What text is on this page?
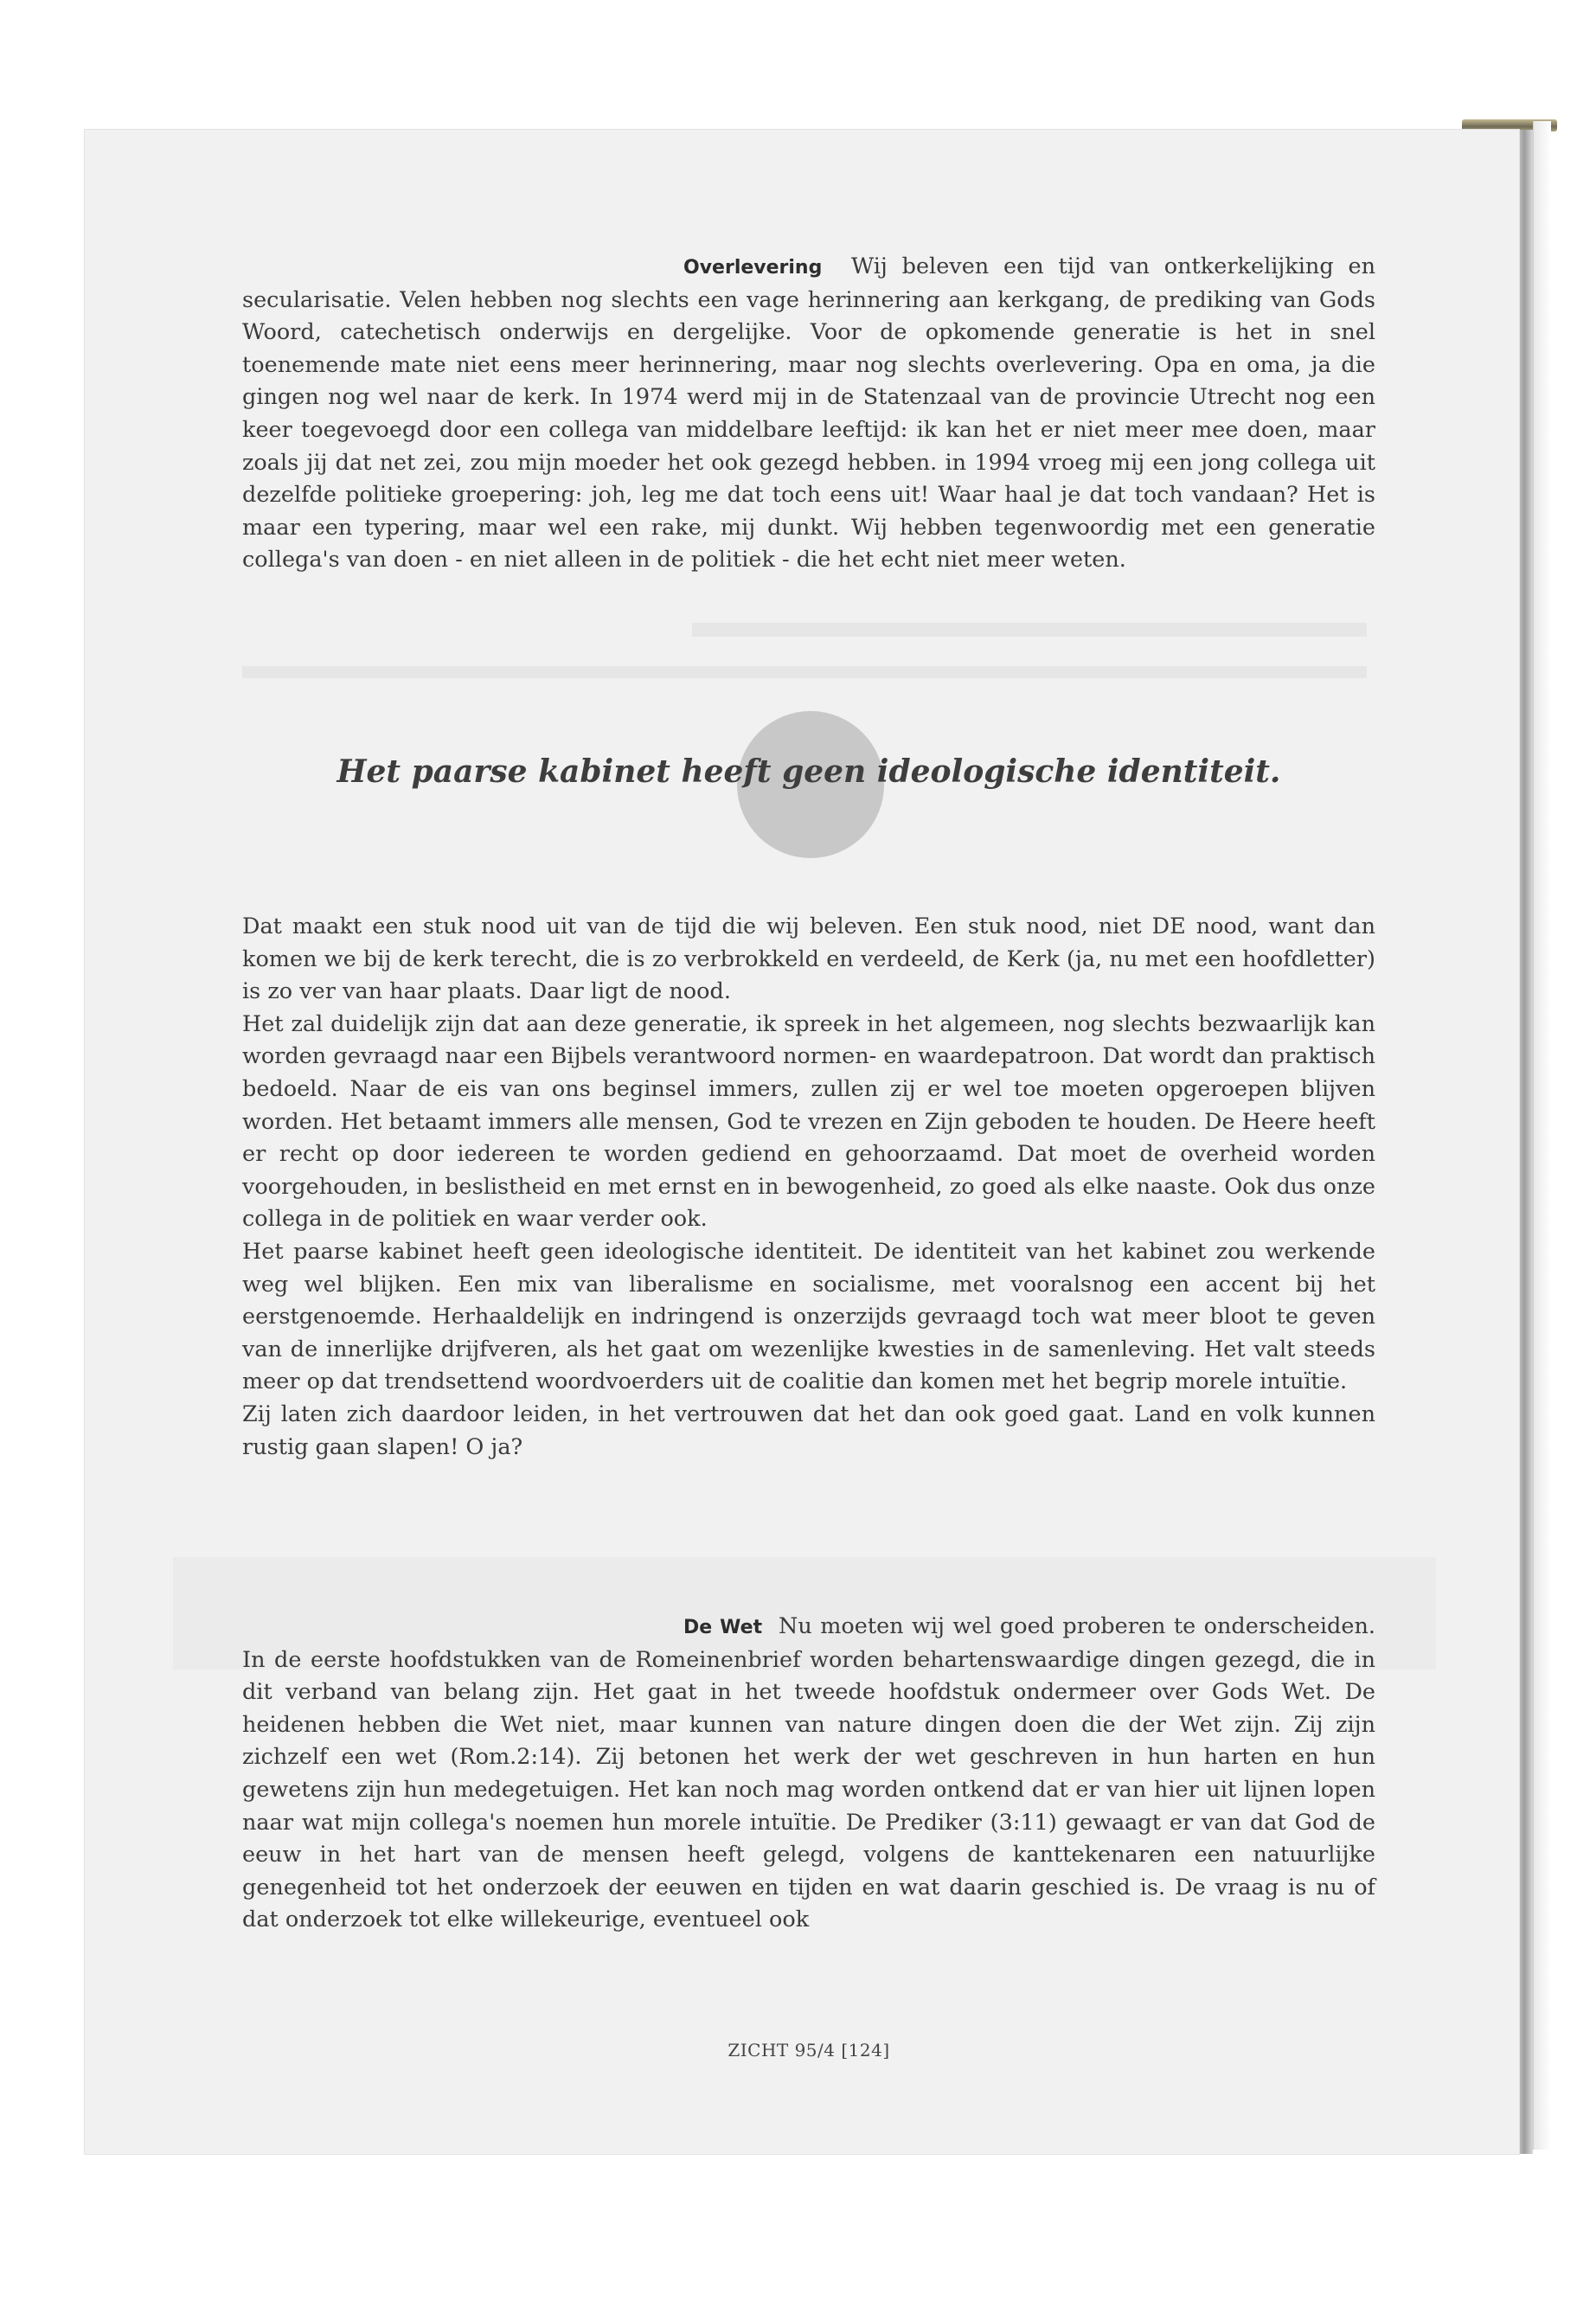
Overlevering Wij beleven een tijd van ontkerkelijking en secularisatie. Velen hebben nog slechts een vage herinnering aan kerkgang, de prediking van Gods Woord, catechetisch onderwijs en dergelijke. Voor de opkomende generatie is het in snel toenemende mate niet eens meer herinnering, maar nog slechts overlevering. Opa en oma, ja die gingen nog wel naar de kerk. In 1974 werd mij in de Statenzaal van de provincie Utrecht nog een keer toegevoegd door een collega van middelbare leeftijd: ik kan het er niet meer mee doen, maar zoals jij dat net zei, zou mijn moeder het ook gezegd hebben. in 1994 vroeg mij een jong collega uit dezelfde politieke groepering: joh, leg me dat toch eens uit! Waar haal je dat toch vandaan? Het is maar een typering, maar wel een rake, mij dunkt. Wij hebben tegenwoordig met een generatie collega's van doen - en niet alleen in de politiek - die het echt niet meer weten.

Het paarse kabinet heeft geen ideologische identiteit.

Dat maakt een stuk nood uit van de tijd die wij beleven. Een stuk nood, niet DE nood, want dan komen we bij de kerk terecht, die is zo verbrokkeld en verdeeld, de Kerk (ja, nu met een hoofdletter) is zo ver van haar plaats. Daar ligt de nood.

Het zal duidelijk zijn dat aan deze generatie, ik spreek in het algemeen, nog slechts bezwaarlijk kan worden gevraagd naar een Bijbels verantwoord normen- en waardepatroon. Dat wordt dan praktisch bedoeld. Naar de eis van ons beginsel immers, zullen zij er wel toe moeten opgeroepen blijven worden. Het betaamt immers alle mensen, God te vrezen en Zijn geboden te houden. De Heere heeft er recht op door iedereen te worden gediend en gehoorzaamd. Dat moet de overheid worden voorgehouden, in beslistheid en met ernst en in bewogenheid, zo goed als elke naaste. Ook dus onze collega in de politiek en waar verder ook.

Het paarse kabinet heeft geen ideologische identiteit. De identiteit van het kabinet zou werkende weg wel blijken. Een mix van liberalisme en socialisme, met vooralsnog een accent bij het eerstgenoemde. Herhaaldelijk en indringend is onzerzijds gevraagd toch wat meer bloot te geven van de innerlijke drijfveren, als het gaat om wezenlijke kwesties in de samenleving. Het valt steeds meer op dat trendsettend woordvoerders uit de coalitie dan komen met het begrip morele intuïtie.

Zij laten zich daardoor leiden, in het vertrouwen dat het dan ook goed gaat. Land en volk kunnen rustig gaan slapen! O ja?

De Wet Nu moeten wij wel goed proberen te onderscheiden. In de eerste hoofdstukken van de Romeinenbrief worden behartenswaardige dingen gezegd, die in dit verband van belang zijn. Het gaat in het tweede hoofdstuk ondermeer over Gods Wet. De heidenen hebben die Wet niet, maar kunnen van nature dingen doen die der Wet zijn. Zij zijn zichzelf een wet (Rom.2:14). Zij betonen het werk der wet geschreven in hun harten en hun gewetens zijn hun medegetuigen. Het kan noch mag worden ontkend dat er van hier uit lijnen lopen naar wat mijn collega's noemen hun morele intuïtie. De Prediker (3:11) gewaagt er van dat God de eeuw in het hart van de mensen heeft gelegd, volgens de kanttekenaren een natuurlijke genegenheid tot het onderzoek der eeuwen en tijden en wat daarin geschied is. De vraag is nu of dat onderzoek tot elke willekeurige, eventueel ook

ZICHT 95/4 [124]
